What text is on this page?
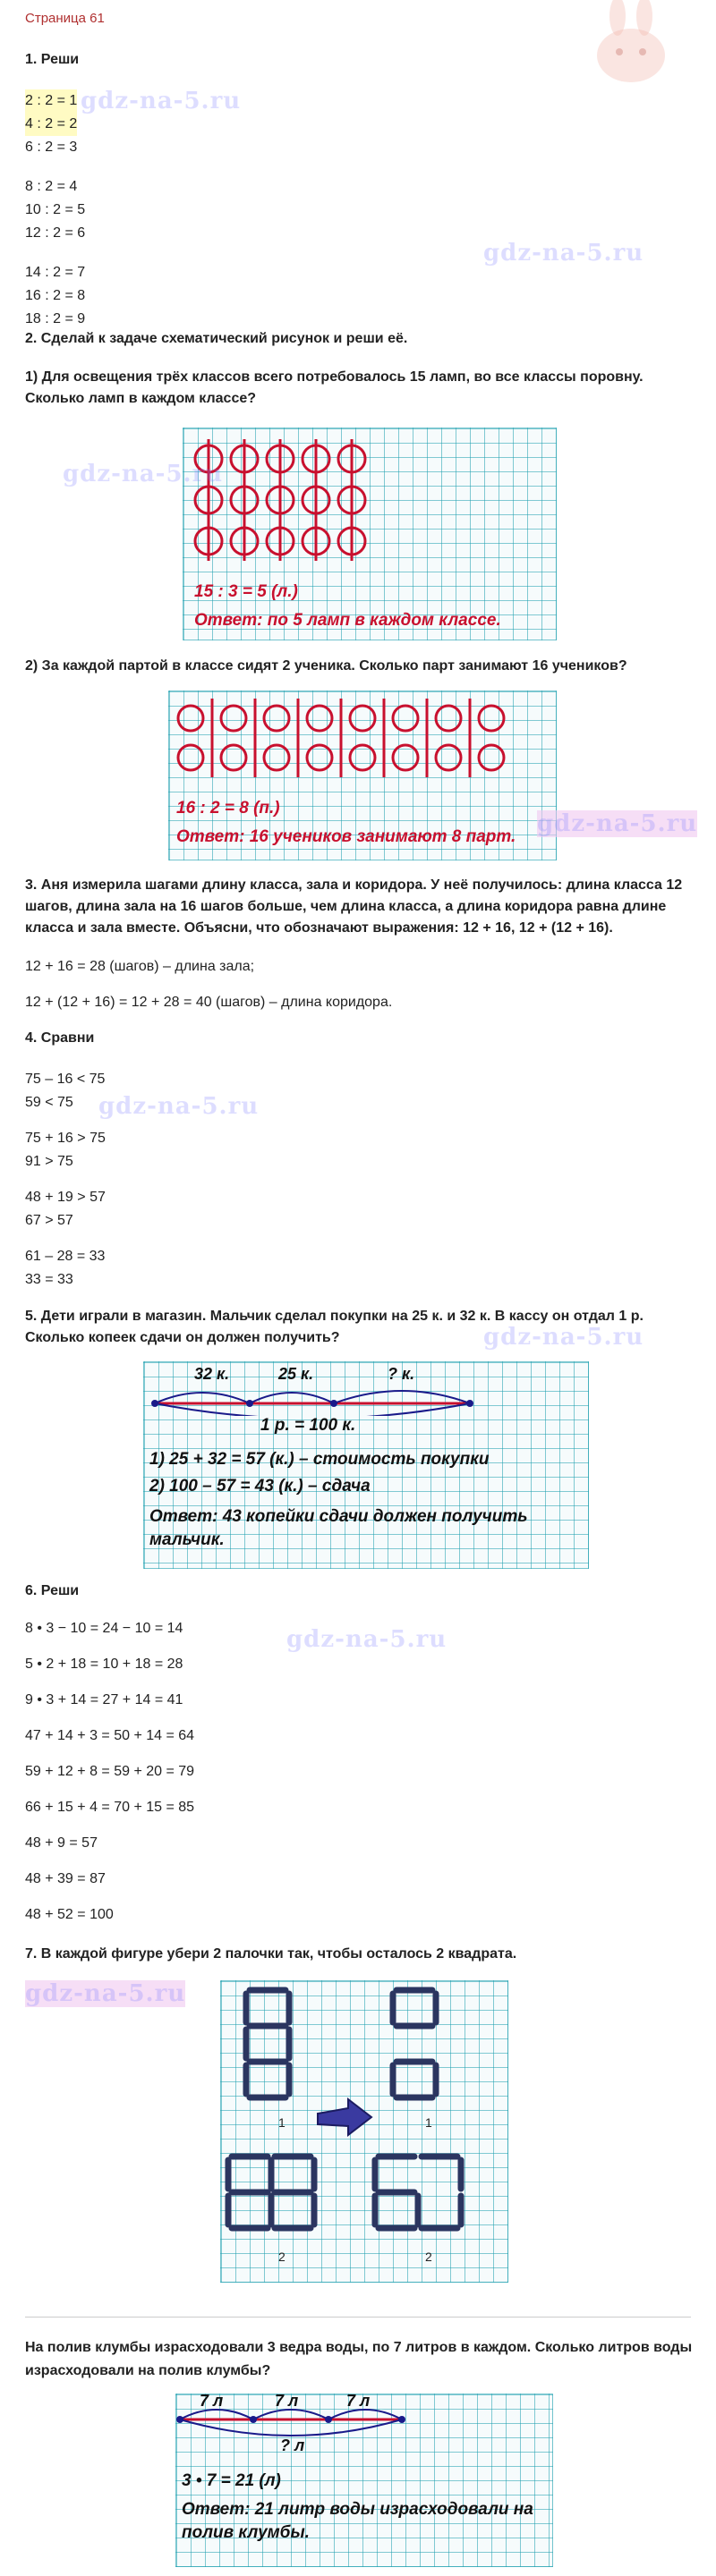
Страница 61
1. Реши
2 : 2 = 1
4 : 2 = 2

6 : 2 = 3
8 : 2 = 4
10 : 2 = 5
12 : 2 = 6
14 : 2 = 7
16 : 2 = 8
18 : 2 = 9
gdz-na-5.ru
gdz-na-5.ru
2. Сделай к задаче схематический рисунок и реши её.
1) Для освещения трёх классов всего потребовалось 15 ламп, во все классы поровну. Сколько ламп в каждом классе?
15 : 3 = 5 (л.)
Ответ: по 5 ламп в каждом классе.
gdz-na-5.ru
2) За каждой партой в классе сидят 2 ученика. Сколько парт занимают 16 учеников?
16 : 2 = 8 (п.)
Ответ: 16 учеников занимают 8 парт. gdz-na-5.ru
3. Аня измерила шагами длину класса, зала и коридора. У неё получилось: длина класса 12 шагов, длина зала на 16 шагов больше, чем длина класса, а длина коридора равна длине класса и зала вместе. Объясни, что обозначают выражения: 12 + 16, 12 + (12 + 16).
12 + 16 = 28 (шагов) – длина зала;
12 + (12 + 16) = 12 + 28 = 40 (шагов) – длина коридора.
4. Сравни
75 – 16 < 75
59 < 75
75 + 16 > 75
91 > 75
48 + 19 > 57
67 > 57
61 – 28 = 33
33 = 33
gdz-na-5.ru
5. Дети играли в магазин. Мальчик сделал покупки на 25 к. и 32 к. В кассу он отдал 1 р. Сколько копеек сдачи он должен получить?	gdz-na-5.ru
32 к.	25 к.	? к.
1 р. = 100 к.
1) 25 + 32 = 57 (к.) – стоимость покупки
2) 100 – 57 = 43 (к.) – сдача
Ответ: 43 копейки сдачи должен получить мальчик.
6. Реши
8 • 3 − 10 = 24 − 10 = 14
5 • 2 + 18 = 10 + 18 = 28
9 • 3 + 14 = 27 + 14 = 41
47 + 14 + 3 = 50 + 14 = 64
59 + 12 + 8 = 59 + 20 = 79
66 + 15 + 4 = 70 + 15 = 85
48 + 9 = 57
48 + 39 = 87
48 + 52 = 100
gdz-na-5.ru
7. В каждой фигуре убери 2 палочки так, чтобы осталось 2 квадрата.
gdz-na-5.ru
1	1
2	2
На полив клумбы израсходовали 3 ведра воды, по 7 литров в каждом. Сколько литров воды израсходовали на полив клумбы?
7 л	7 л	7 л
? л
3 • 7 = 21 (л)
Ответ: 21 литр воды израсходовали на полив клумбы.
